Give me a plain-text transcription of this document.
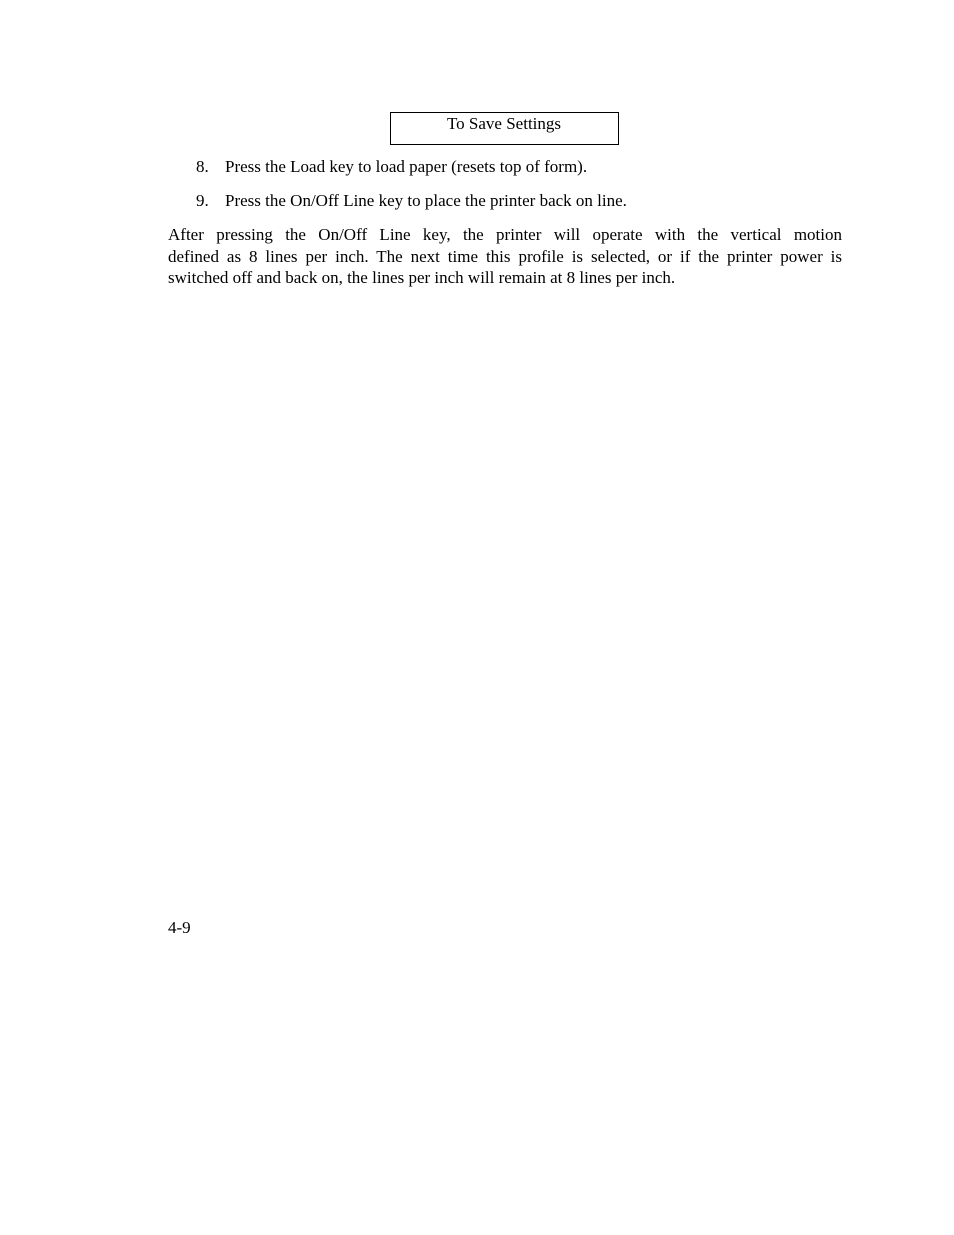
To Save Settings
8. Press the Load key to load paper (resets top of form).
9. Press the On/Off Line key to place the printer back on line.
After pressing the On/Off Line key, the printer will operate with the vertical motion
defined as 8 lines per inch. The next time this profile is selected, or if the printer power is
switched off and back on, the lines per inch will remain at 8 lines per inch.
4-9
